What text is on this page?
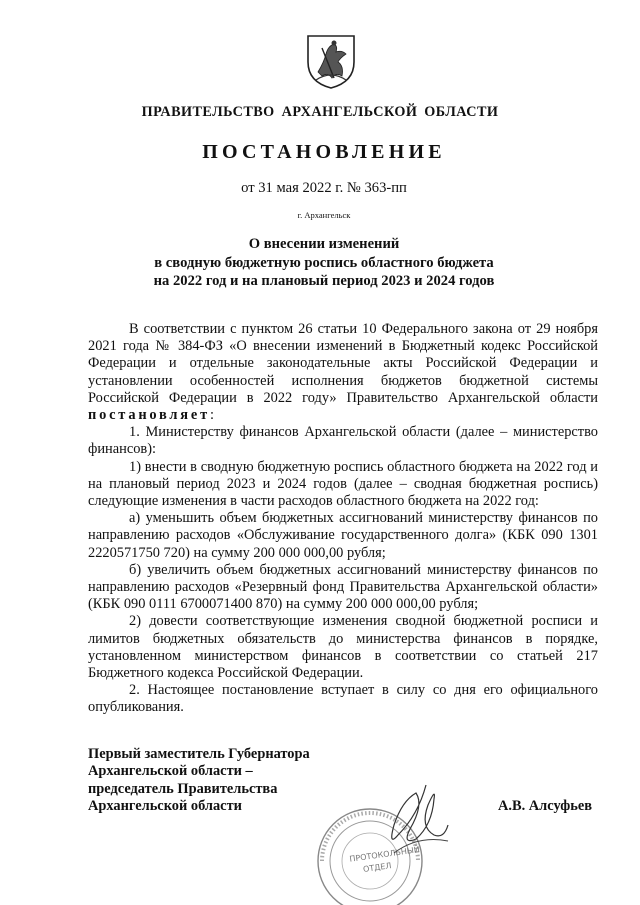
ПРАВИТЕЛЬСТВО АРХАНГЕЛЬСКОЙ ОБЛАСТИ
ПОСТАНОВЛЕНИЕ
от 31 мая 2022 г. № 363-пп
г. Архангельск
О внесении изменений
в сводную бюджетную роспись областного бюджета
на 2022 год и на плановый период 2023 и 2024 годов

В соответствии с пунктом 26 статьи 10 Федерального закона от 29 ноября 2021 года № 384-ФЗ «О внесении изменений в Бюджетный кодекс Российской Федерации и отдельные законодательные акты Российской Федерации и установлении особенностей исполнения бюджетов бюджетной системы Российской Федерации в 2022 году» Правительство Архангельской области постановляет:

1. Министерству финансов Архангельской области (далее – министерство финансов):

1) внести в сводную бюджетную роспись областного бюджета на 2022 год и на плановый период 2023 и 2024 годов (далее – сводная бюджетная роспись) следующие изменения в части расходов областного бюджета на 2022 год:

а) уменьшить объем бюджетных ассигнований министерству финансов по направлению расходов «Обслуживание государственного долга» (КБК 090 1301 2220571750 720) на сумму 200 000 000,00 рубля;

б) увеличить объем бюджетных ассигнований министерству финансов по направлению расходов «Резервный фонд Правительства Архангельской области» (КБК 090 0111 6700071400 870) на сумму 200 000 000,00 рубля;

2) довести соответствующие изменения сводной бюджетной росписи и лимитов бюджетных обязательств до министерства финансов в порядке, установленном министерством финансов в соответствии со статьей 217 Бюджетного кодекса Российской Федерации.

2. Настоящее постановление вступает в силу со дня его официального опубликования.

Первый заместитель Губернатора
Архангельской области –
председатель Правительства
Архангельской области	А.В. Алсуфьев
ПРОТОКОЛЬНЫЙ
ОТДЕЛ
